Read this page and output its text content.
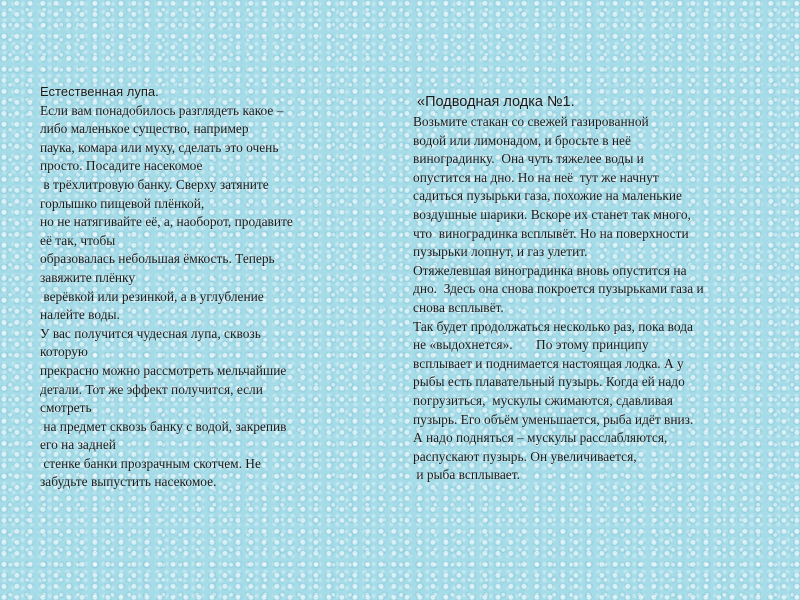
Естественная лупа.
Если вам понадобилось разглядеть какое –
либо маленькое существо, например
паука, комара или муху, сделать это очень
просто. Посадите насекомое
в трёхлитровую банку. Сверху затяните
горлышко пищевой плёнкой,
но не натягивайте её, а, наоборот, продавите
её так, чтобы
образовалась небольшая ёмкость. Теперь
завяжите плёнку
верёвкой или резинкой, а в углубление
налейте воды.
У вас получится чудесная лупа, сквозь
которую
прекрасно можно рассмотреть мельчайшие
детали. Тот же эффект получится, если
смотреть
на предмет сквозь банку с водой, закрепив
его на задней
стенке банки прозрачным скотчем. Не
забудьте выпустить насекомое.
«Подводная лодка №1.
Возьмите стакан со свежей газированной
водой или лимонадом, и бросьте в неё
виноградинку.  Она чуть тяжелее воды и
опустится на дно. Но на неё  тут же начнут
садиться пузырьки газа, похожие на маленькие
воздушные шарики. Вскоре их станет так много,
что  виноградинка всплывёт. Но на поверхности
пузырьки лопнут, и газ улетит.
Отяжелевшая виноградинка вновь опустится на
дно.  Здесь она снова покроется пузырьками газа и
снова всплывёт.
Так будет продолжаться несколько раз, пока вода
не «выдохнется».       По этому принципу
всплывает и поднимается настоящая лодка. А у
рыбы есть плавательный пузырь. Когда ей надо
погрузиться,  мускулы сжимаются, сдавливая
пузырь. Его объём уменьшается, рыба идёт вниз.
А надо подняться – мускулы расслабляются,
распускают пузырь. Он увеличивается,
и рыба всплывает.
